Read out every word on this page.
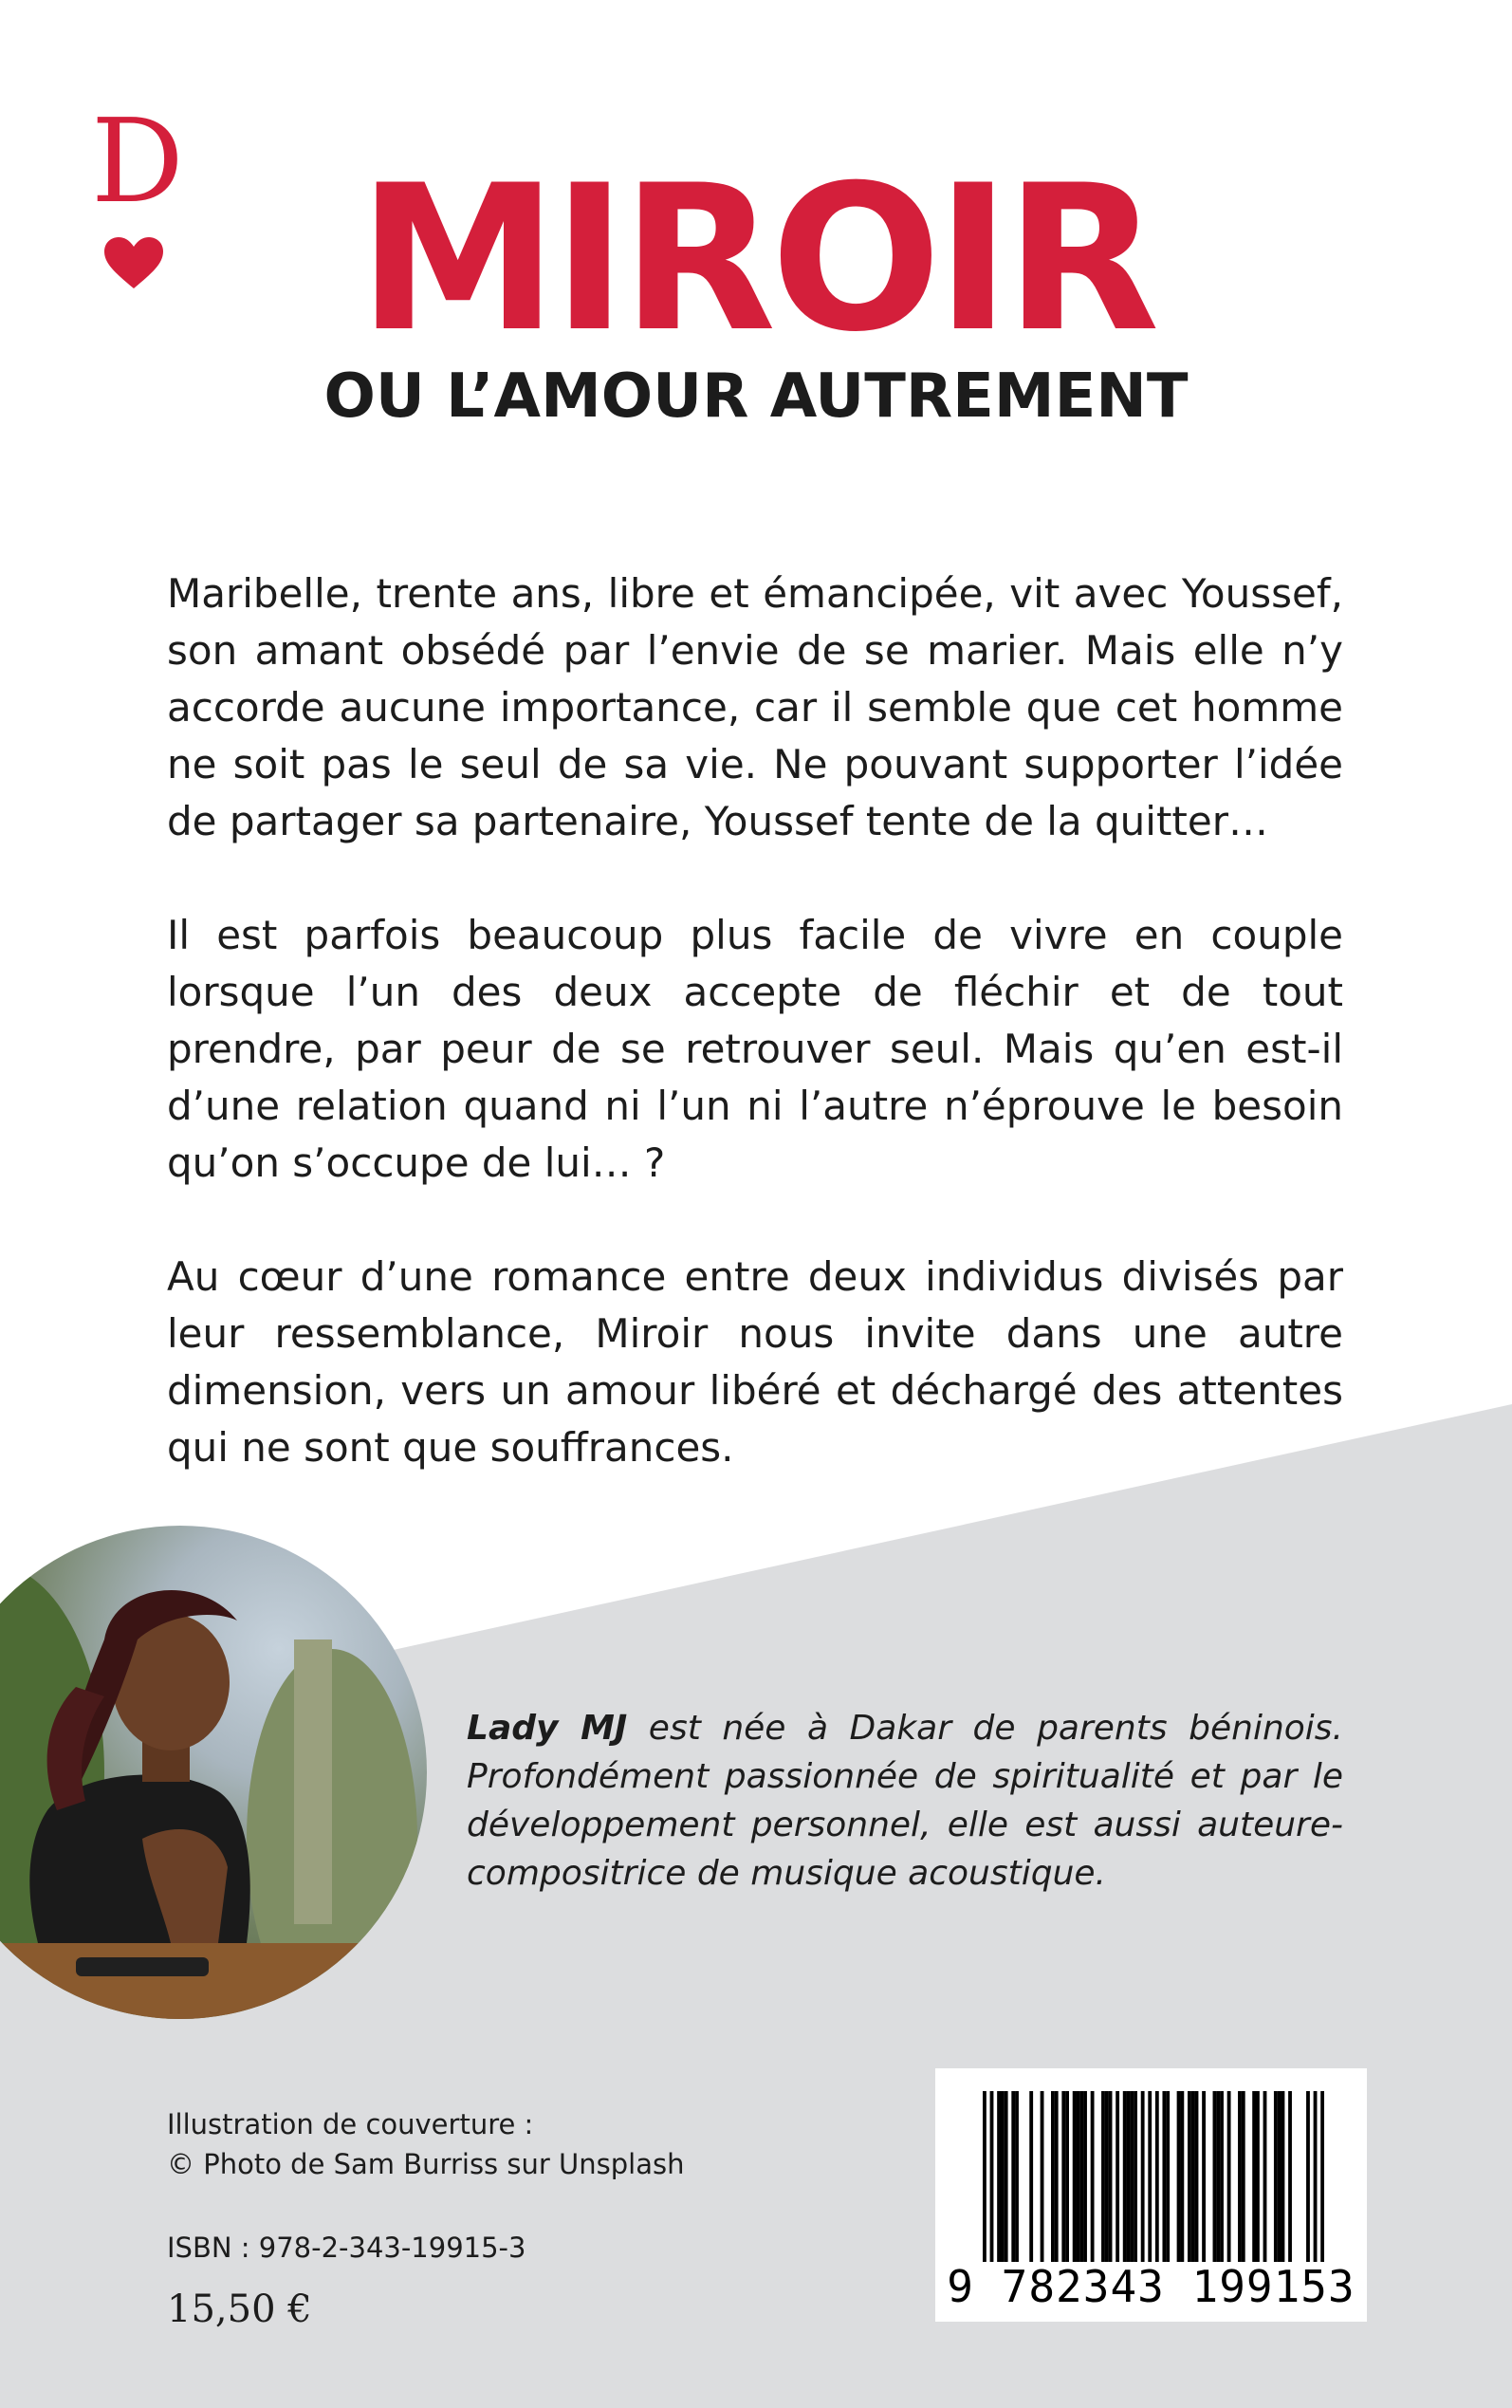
D MIROIR
OU L’AMOUR AUTREMENT

Maribelle, trente ans, libre et émancipée, vit avec Youssef, son amant obsédé par l’envie de se marier. Mais elle n’y accorde aucune importance, car il semble que cet homme ne soit pas le seul de sa vie. Ne pouvant supporter l’idée de partager sa partenaire, Youssef tente de la quitter…

Il est parfois beaucoup plus facile de vivre en couple lorsque l’un des deux accepte de fléchir et de tout prendre, par peur de se retrouver seul. Mais qu’en est-il d’une relation quand ni l’un ni l’autre n’éprouve le besoin qu’on s’occupe de lui… ?

Au cœur d’une romance entre deux individus divisés par leur ressemblance, Miroir nous invite dans une autre dimension, vers un amour libéré et déchargé des attentes qui ne sont que souffrances.

Lady MJ est née à Dakar de parents béninois. Profondément passionnée de spiritualité et par le développement personnel, elle est aussi auteure-compositrice de musique acoustique.
Illustration de couverture :
© Photo de Sam Burriss sur Unsplash
ISBN : 978-2-343-19915-3
15,50 €	9 782343 199153
